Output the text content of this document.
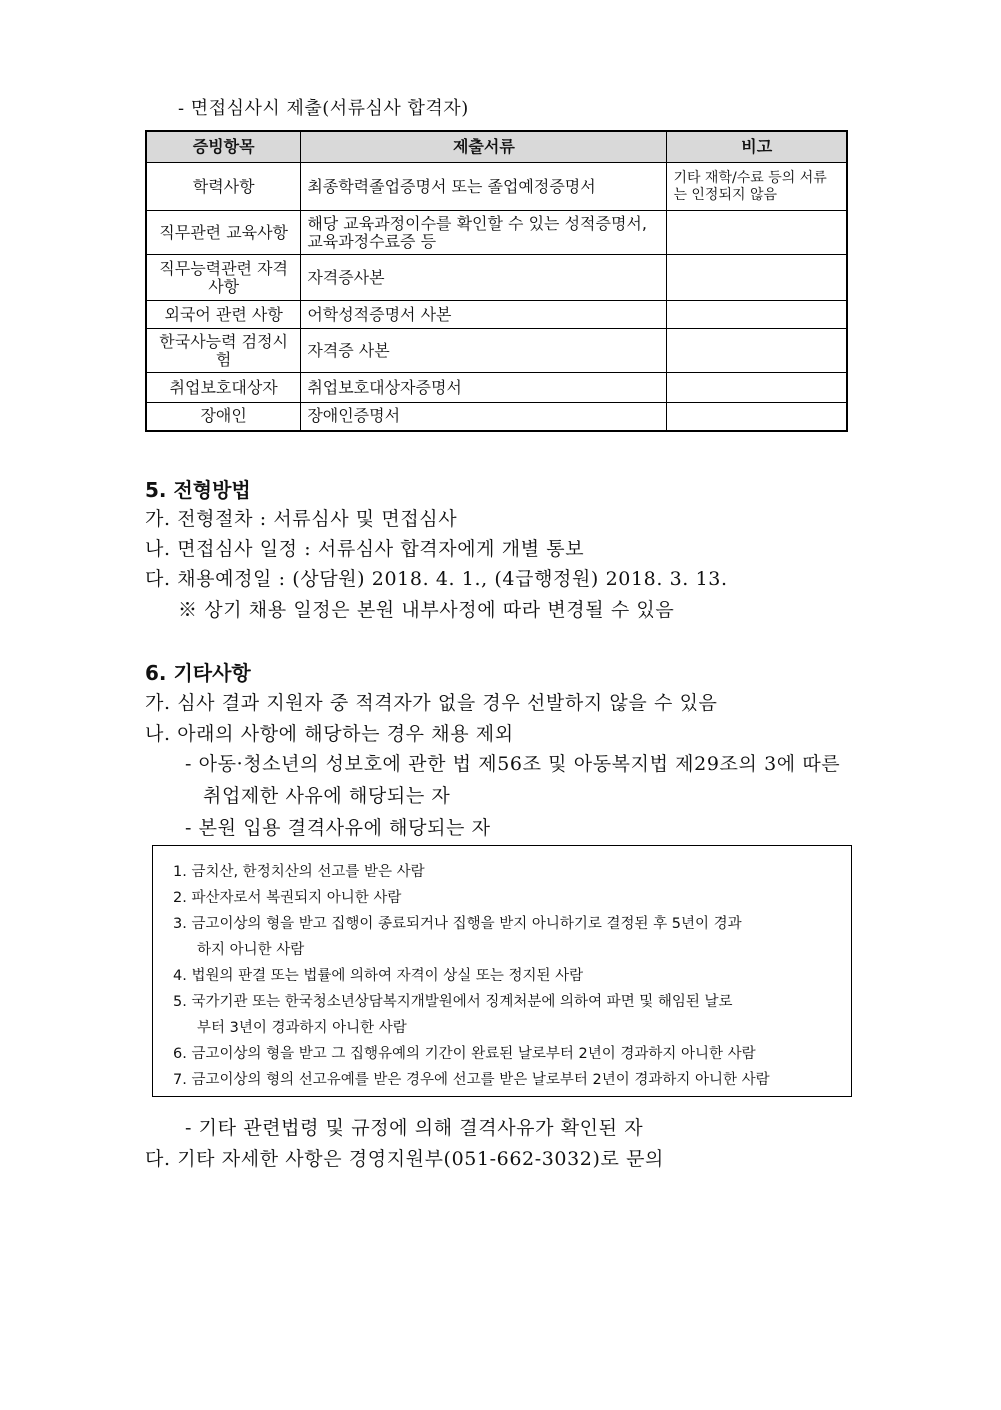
- 면접심사시 제출(서류심사 합격자)
증빙항목	제출서류	비고
학력사항	최종학력졸업증명서 또는 졸업예정증명서	기타 재학/수료 등의 서류는 인정되지 않음
직무관련 교육사항	해당 교육과정이수를 확인할 수 있는 성적증명서, 교육과정수료증 등	
직무능력관련 자격사항	자격증사본	
외국어 관련 사항	어학성적증명서 사본	
한국사능력 검정시험	자격증 사본	
취업보호대상자	취업보호대상자증명서	
장애인	장애인증명서	
5. 전형방법
가. 전형절차 : 서류심사 및 면접심사
나. 면접심사 일정 : 서류심사 합격자에게 개별 통보
다. 채용예정일 : (상담원) 2018. 4. 1., (4급행정원) 2018. 3. 13.
※ 상기 채용 일정은 본원 내부사정에 따라 변경될 수 있음
6. 기타사항
가. 심사 결과 지원자 중 적격자가 없을 경우 선발하지 않을 수 있음
나. 아래의 사항에 해당하는 경우 채용 제외
- 아동·청소년의 성보호에 관한 법 제56조 및 아동복지법 제29조의 3에 따른
취업제한 사유에 해당되는 자
- 본원 입용 결격사유에 해당되는 자
1. 금치산, 한정치산의 선고를 받은 사람
2. 파산자로서 복권되지 아니한 사람
3. 금고이상의 형을 받고 집행이 종료되거나 집행을 받지 아니하기로 결정된 후 5년이 경과
하지 아니한 사람
4. 법원의 판결 또는 법률에 의하여 자격이 상실 또는 정지된 사람
5. 국가기관 또는 한국청소년상담복지개발원에서 징계처분에 의하여 파면 및 해임된 날로
부터 3년이 경과하지 아니한 사람
6. 금고이상의 형을 받고 그 집행유예의 기간이 완료된 날로부터 2년이 경과하지 아니한 사람
7. 금고이상의 형의 선고유예를 받은 경우에 선고를 받은 날로부터 2년이 경과하지 아니한 사람
- 기타 관련법령 및 규정에 의해 결격사유가 확인된 자
다. 기타 자세한 사항은 경영지원부(051-662-3032)로 문의
